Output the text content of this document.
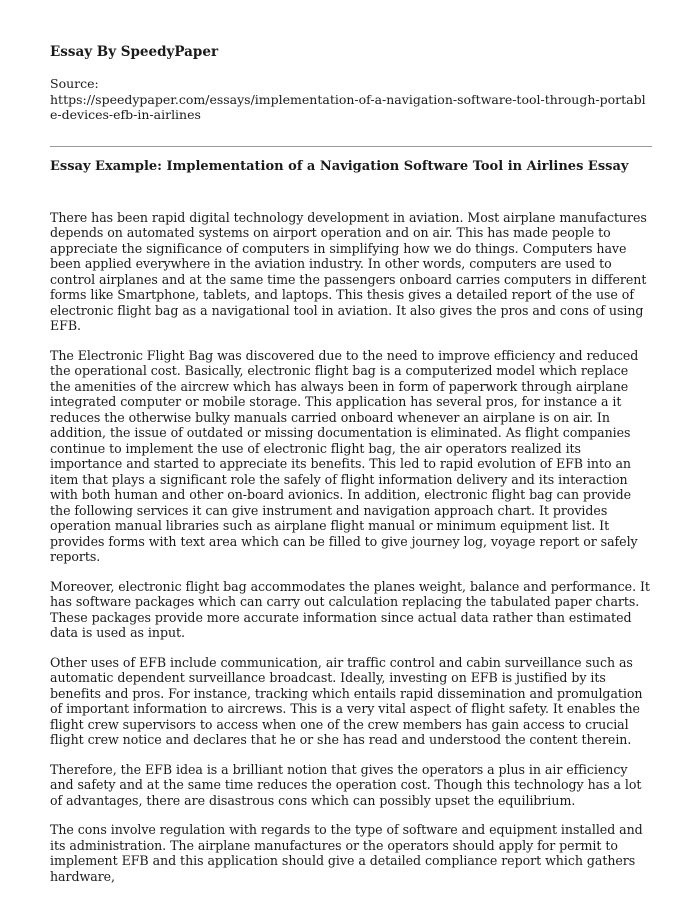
Essay By SpeedyPaper
Source:
https://speedypaper.com/essays/implementation-of-a-navigation-software-tool-through-portable-devices-efb-in-airlines
Essay Example: Implementation of a Navigation Software Tool in Airlines Essay

There has been rapid digital technology development in aviation. Most airplane manufactures depends on automated systems on airport operation and on air. This has made people to appreciate the significance of computers in simplifying how we do things. Computers have been applied everywhere in the aviation industry. In other words, computers are used to control airplanes and at the same time the passengers onboard carries computers in different forms like Smartphone, tablets, and laptops. This thesis gives a detailed report of the use of electronic flight bag as a navigational tool in aviation. It also gives the pros and cons of using EFB.

The Electronic Flight Bag was discovered due to the need to improve efficiency and reduced the operational cost. Basically, electronic flight bag is a computerized model which replace the amenities of the aircrew which has always been in form of paperwork through airplane integrated computer or mobile storage. This application has several pros, for instance a it reduces the otherwise bulky manuals carried onboard whenever an airplane is on air. In addition, the issue of outdated or missing documentation is eliminated. As flight companies continue to implement the use of electronic flight bag, the air operators realized its importance and started to appreciate its benefits. This led to rapid evolution of EFB into an item that plays a significant role the safely of flight information delivery and its interaction with both human and other on-board avionics. In addition, electronic flight bag can provide the following services it can give instrument and navigation approach chart. It provides operation manual libraries such as airplane flight manual or minimum equipment list. It provides forms with text area which can be filled to give journey log, voyage report or safely reports.

Moreover, electronic flight bag accommodates the planes weight, balance and performance. It has software packages which can carry out calculation replacing the tabulated paper charts. These packages provide more accurate information since actual data rather than estimated data is used as input.

Other uses of EFB include communication, air traffic control and cabin surveillance such as automatic dependent surveillance broadcast. Ideally, investing on EFB is justified by its benefits and pros. For instance, tracking which entails rapid dissemination and promulgation of important information to aircrews. This is a very vital aspect of flight safety. It enables the flight crew supervisors to access when one of the crew members has gain access to crucial flight crew notice and declares that he or she has read and understood the content therein.

Therefore, the EFB idea is a brilliant notion that gives the operators a plus in air efficiency and safety and at the same time reduces the operation cost. Though this technology has a lot of advantages, there are disastrous cons which can possibly upset the equilibrium.

The cons involve regulation with regards to the type of software and equipment installed and its administration. The airplane manufactures or the operators should apply for permit to implement EFB and this application should give a detailed compliance report which gathers hardware,
